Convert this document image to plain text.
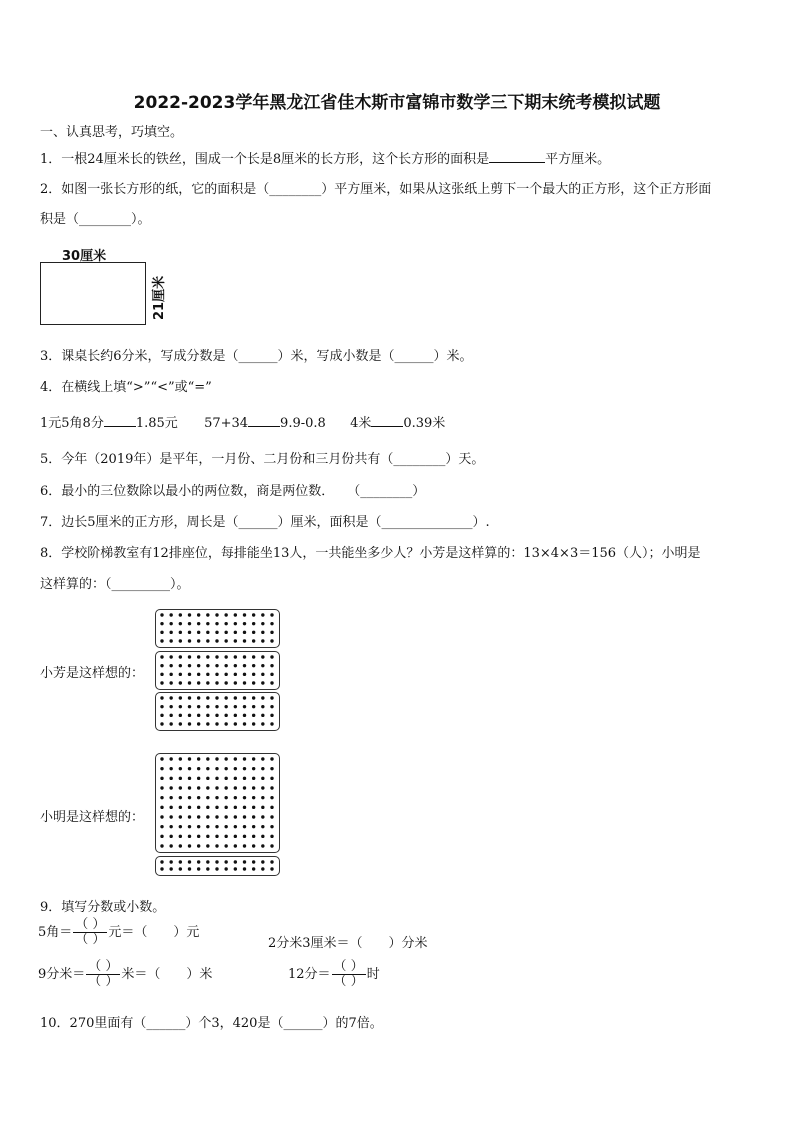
2022-2023学年黑龙江省佳木斯市富锦市数学三下期末统考模拟试题
一、认真思考，巧填空。
1．一根24厘米长的铁丝，围成一个长是8厘米的长方形，这个长方形的面积是	平方厘米。
2．如图一张长方形的纸，它的面积是（________）平方厘米，如果从这张纸上剪下一个最大的正方形，这个正方形面
积是（________）。
30厘米
21厘米
3．课桌长约6分米，写成分数是（______）米，写成小数是（______）米。
4．在横线上填“>”“<”或“=”
1元5角8分 1.85元 57+34 9.9-0.8 4米 0.39米
5．今年（2019年）是平年，一月份、二月份和三月份共有（________）天。
6．最小的三位数除以最小的两位数，商是两位数．　　（________）
7．边长5厘米的正方形，周长是（______）厘米，面积是（______________）.
8．学校阶梯教室有12排座位，每排能坐13人，一共能坐多少人？小芳是这样算的：13×4×3＝156（人）；小明是
这样算的：（_________）。
小芳是这样想的：
小明是这样想的：
9．填写分数或小数。
5角＝ $\frac{( )}{( )}$ 元＝（　　）元
2分米3厘米＝（　　）分米
9分米＝ $\frac{( )}{( )}$ 米＝（　　）米	12分＝ $\frac{( )}{( )}$ 时
10．270里面有（______）个3，420是（______）的7倍。
